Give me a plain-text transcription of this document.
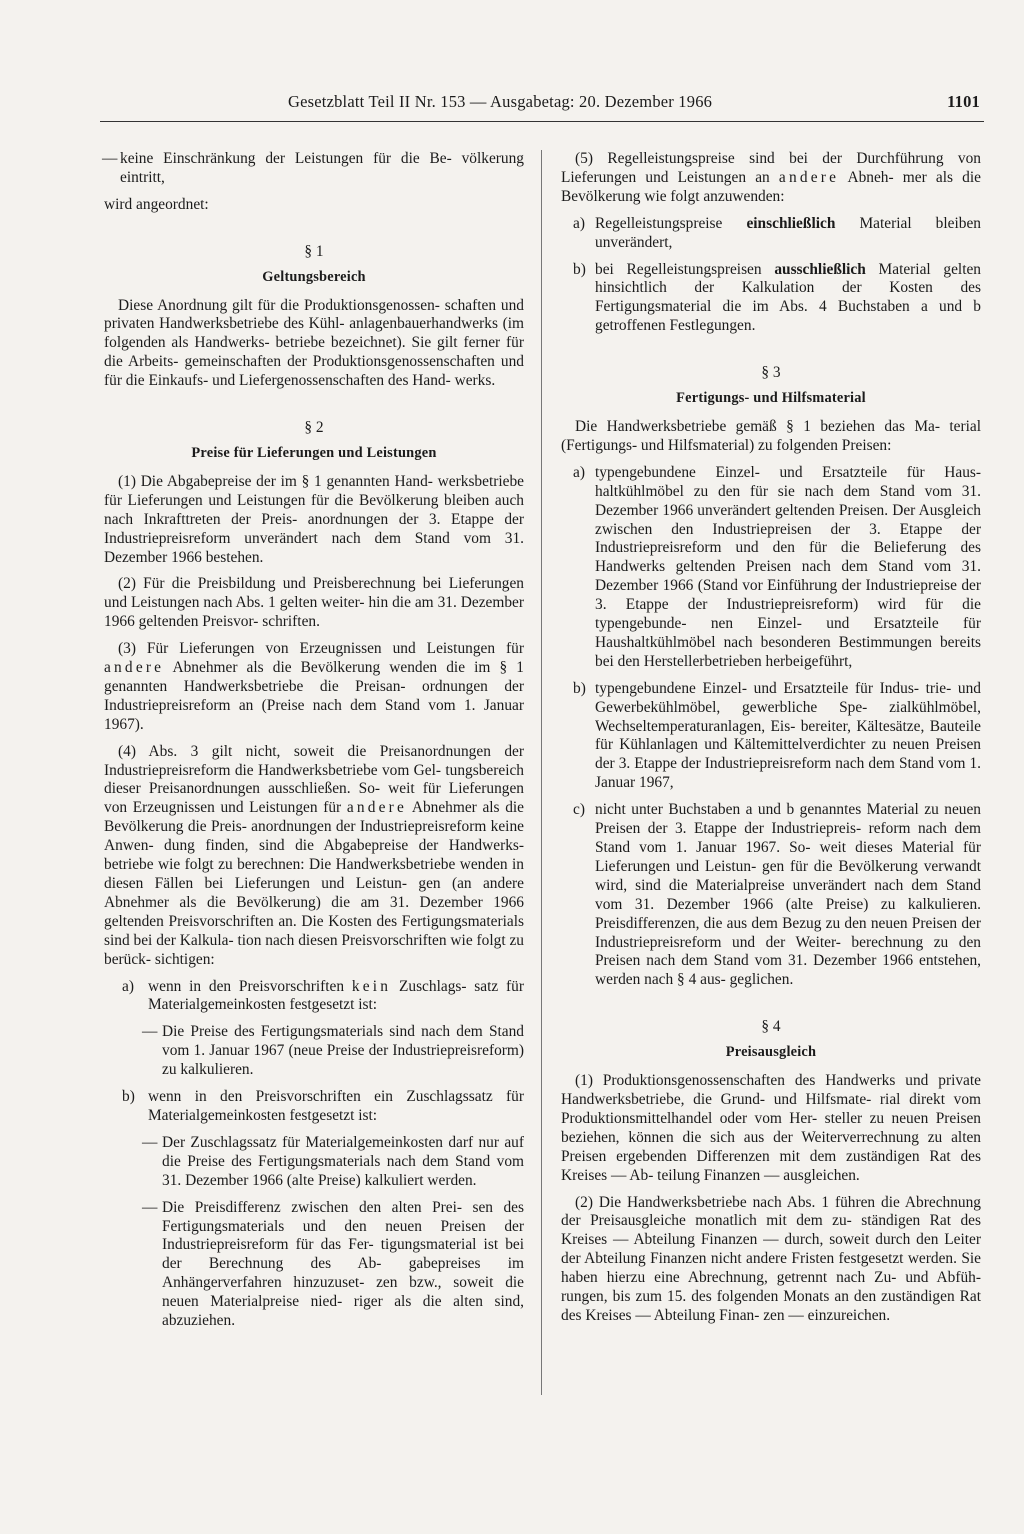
Gesetzblatt Teil II Nr. 153 — Ausgabetag: 20. Dezember 1966	1101
— keine Einschränkung der Leistungen für die Be- völkerung eintritt,

wird angeordnet:

§ 1
Geltungsbereich

Diese Anordnung gilt für die Produktionsgenossen- schaften und privaten Handwerksbetriebe des Kühl- anlagenbauerhandwerks (im folgenden als Handwerks- betriebe bezeichnet). Sie gilt ferner für die Arbeits- gemeinschaften der Produktionsgenossenschaften und für die Einkaufs- und Liefergenossenschaften des Hand- werks.

§ 2
Preise für Lieferungen und Leistungen

(1) Die Abgabepreise der im § 1 genannten Hand- werksbetriebe für Lieferungen und Leistungen für die Bevölkerung bleiben auch nach Inkrafttreten der Preis- anordnungen der 3. Etappe der Industriepreisreform unverändert nach dem Stand vom 31. Dezember 1966 bestehen.

(2) Für die Preisbildung und Preisberechnung bei Lieferungen und Leistungen nach Abs. 1 gelten weiter- hin die am 31. Dezember 1966 geltenden Preisvor- schriften.

(3) Für Lieferungen von Erzeugnissen und Leistungen für andere Abnehmer als die Bevölkerung wenden die im § 1 genannten Handwerksbetriebe die Preisan- ordnungen der Industriepreisreform an (Preise nach dem Stand vom 1. Januar 1967).

(4) Abs. 3 gilt nicht, soweit die Preisanordnungen der Industriepreisreform die Handwerksbetriebe vom Gel- tungsbereich dieser Preisanordnungen ausschließen. So- weit für Lieferungen von Erzeugnissen und Leistungen für andere Abnehmer als die Bevölkerung die Preis- anordnungen der Industriepreisreform keine Anwen- dung finden, sind die Abgabepreise der Handwerks- betriebe wie folgt zu berechnen: Die Handwerksbetriebe wenden in diesen Fällen bei Lieferungen und Leistun- gen (an andere Abnehmer als die Bevölkerung) die am 31. Dezember 1966 geltenden Preisvorschriften an. Die Kosten des Fertigungsmaterials sind bei der Kalkula- tion nach diesen Preisvorschriften wie folgt zu berück- sichtigen:

a) wenn in den Preisvorschriften kein Zuschlags- satz für Materialgemeinkosten festgesetzt ist:
— Die Preise des Fertigungsmaterials sind nach dem Stand vom 1. Januar 1967 (neue Preise der Industriepreisreform) zu kalkulieren.
b) wenn in den Preisvorschriften ein Zuschlagssatz für Materialgemeinkosten festgesetzt ist:
— Der Zuschlagssatz für Materialgemeinkosten darf nur auf die Preise des Fertigungsmaterials nach dem Stand vom 31. Dezember 1966 (alte Preise) kalkuliert werden.
— Die Preisdifferenz zwischen den alten Prei- sen des Fertigungsmaterials und den neuen Preisen der Industriepreisreform für das Fer- tigungsmaterial ist bei der Berechnung des Ab- gabepreises im Anhängerverfahren hinzuzuset- zen bzw., soweit die neuen Materialpreise nied- riger als die alten sind, abzuziehen.

(5) Regelleistungspreise sind bei der Durchführung von Lieferungen und Leistungen an andere Abneh- mer als die Bevölkerung wie folgt anzuwenden:

a) Regelleistungspreise einschließlich Material bleiben unverändert,
b) bei Regelleistungspreisen ausschließlich Material gelten hinsichtlich der Kalkulation der Kosten des Fertigungsmaterial die im Abs. 4 Buchstaben a und b getroffenen Festlegungen.
§ 3
Fertigungs- und Hilfsmaterial

Die Handwerksbetriebe gemäß § 1 beziehen das Ma- terial (Fertigungs- und Hilfsmaterial) zu folgenden Preisen:

a) typengebundene Einzel- und Ersatzteile für Haus- haltkühlmöbel zu den für sie nach dem Stand vom 31. Dezember 1966 unverändert geltenden Preisen. Der Ausgleich zwischen den Industriepreisen der 3. Etappe der Industriepreisreform und den für die Belieferung des Handwerks geltenden Preisen nach dem Stand vom 31. Dezember 1966 (Stand vor Einführung der Industriepreise der 3. Etappe der Industriepreisreform) wird für die typengebunde- nen Einzel- und Ersatzteile für Haushaltkühlmöbel nach besonderen Bestimmungen bereits bei den Herstellerbetrieben herbeigeführt,
b) typengebundene Einzel- und Ersatzteile für Indus- trie- und Gewerbekühlmöbel, gewerbliche Spe- zialkühlmöbel, Wechseltemperaturanlagen, Eis- bereiter, Kältesätze, Bauteile für Kühlanlagen und Kältemittelverdichter zu neuen Preisen der 3. Etappe der Industriepreisreform nach dem Stand vom 1. Januar 1967,
c) nicht unter Buchstaben a und b genanntes Material zu neuen Preisen der 3. Etappe der Industriepreis- reform nach dem Stand vom 1. Januar 1967. So- weit dieses Material für Lieferungen und Leistun- gen für die Bevölkerung verwandt wird, sind die Materialpreise unverändert nach dem Stand vom 31. Dezember 1966 (alte Preise) zu kalkulieren. Preisdifferenzen, die aus dem Bezug zu den neuen Preisen der Industriepreisreform und der Weiter- berechnung zu den Preisen nach dem Stand vom 31. Dezember 1966 entstehen, werden nach § 4 aus- geglichen.
§ 4
Preisausgleich

(1) Produktionsgenossenschaften des Handwerks und private Handwerksbetriebe, die Grund- und Hilfsmate- rial direkt vom Produktionsmittelhandel oder vom Her- steller zu neuen Preisen beziehen, können die sich aus der Weiterverrechnung zu alten Preisen ergebenden Differenzen mit dem zuständigen Rat des Kreises — Ab- teilung Finanzen — ausgleichen.

(2) Die Handwerksbetriebe nach Abs. 1 führen die Abrechnung der Preisausgleiche monatlich mit dem zu- ständigen Rat des Kreises — Abteilung Finanzen — durch, soweit durch den Leiter der Abteilung Finanzen nicht andere Fristen festgesetzt werden. Sie haben hierzu eine Abrechnung, getrennt nach Zu- und Abfüh- rungen, bis zum 15. des folgenden Monats an den zuständigen Rat des Kreises — Abteilung Finan- zen — einzureichen.
